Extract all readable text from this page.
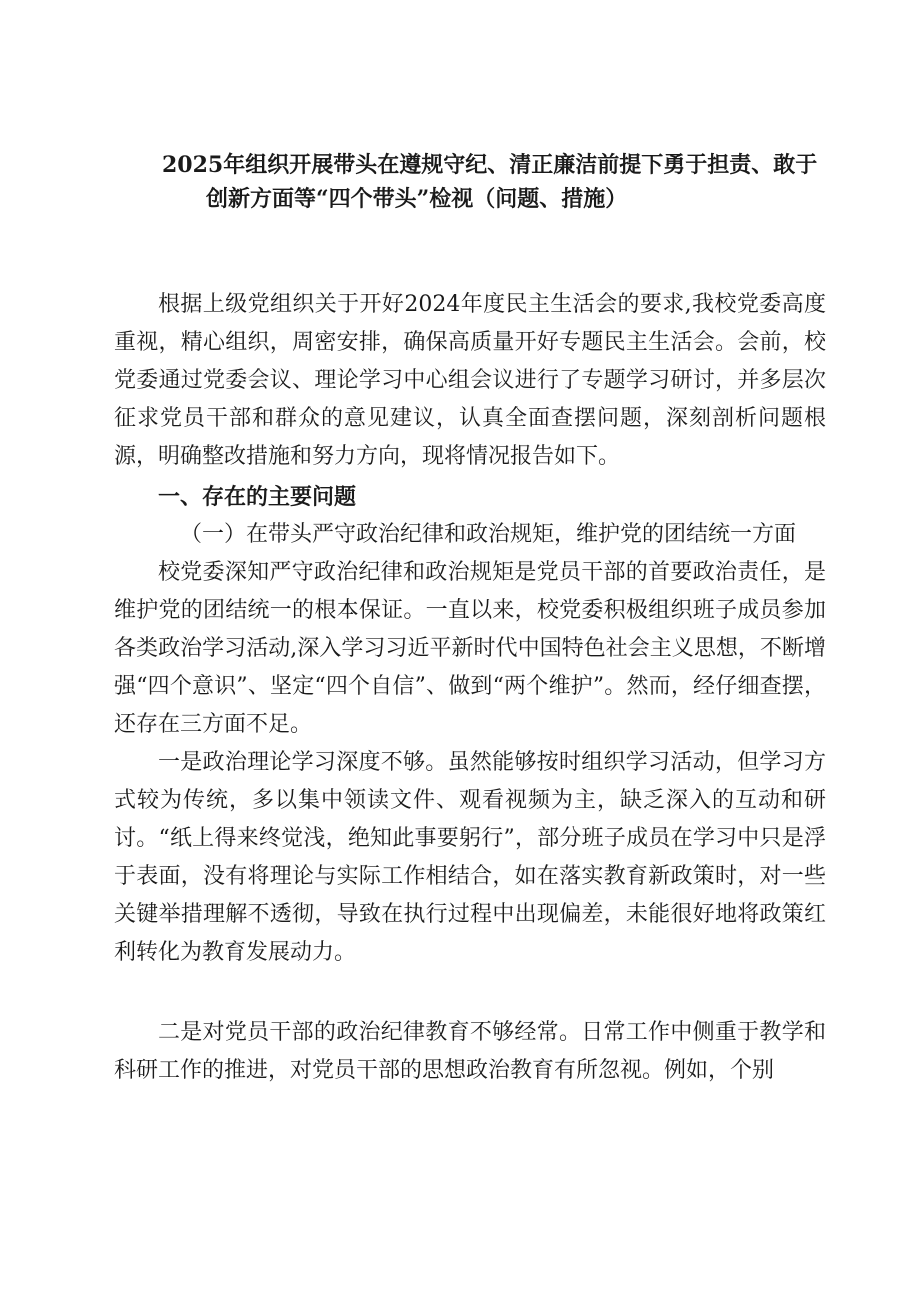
2025年组织开展带头在遵规守纪、清正廉洁前提下勇于担责、敢于
创新方面等“四个带头”检视（问题、措施）

根据上级党组织关于开好2024年度民主生活会的要求,我校党委高度重视，精心组织，周密安排，确保高质量开好专题民主生活会。会前，校党委通过党委会议、理论学习中心组会议进行了专题学习研讨，并多层次征求党员干部和群众的意见建议，认真全面查摆问题，深刻剖析问题根源，明确整改措施和努力方向，现将情况报告如下。

一、存在的主要问题

（一）在带头严守政治纪律和政治规矩，维护党的团结统一方面

校党委深知严守政治纪律和政治规矩是党员干部的首要政治责任，是维护党的团结统一的根本保证。一直以来，校党委积极组织班子成员参加各类政治学习活动,深入学习习近平新时代中国特色社会主义思想，不断增强“四个意识”、坚定“四个自信”、做到“两个维护”。然而，经仔细查摆，还存在三方面不足。

一是政治理论学习深度不够。虽然能够按时组织学习活动，但学习方式较为传统，多以集中领读文件、观看视频为主，缺乏深入的互动和研讨。“纸上得来终觉浅，绝知此事要躬行”，部分班子成员在学习中只是浮于表面，没有将理论与实际工作相结合，如在落实教育新政策时，对一些关键举措理解不透彻，导致在执行过程中出现偏差，未能很好地将政策红利转化为教育发展动力。

二是对党员干部的政治纪律教育不够经常。日常工作中侧重于教学和科研工作的推进，对党员干部的思想政治教育有所忽视。例如，个别
